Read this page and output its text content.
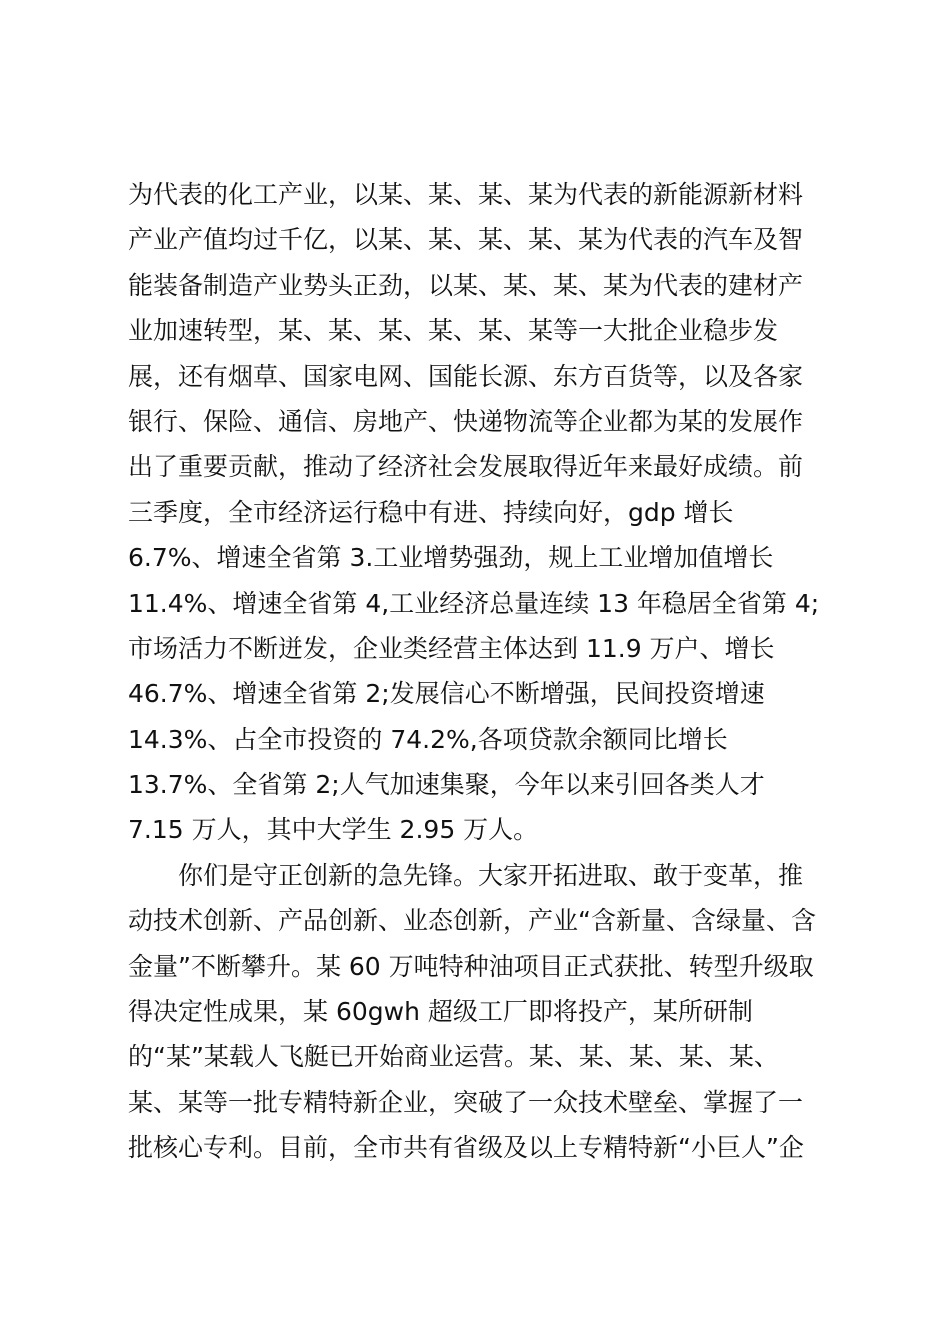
为代表的化工产业，以某、某、某、某为代表的新能源新材料
产业产值均过千亿，以某、某、某、某、某为代表的汽车及智
能装备制造产业势头正劲，以某、某、某、某为代表的建材产
业加速转型，某、某、某、某、某、某等一大批企业稳步发
展，还有烟草、国家电网、国能长源、东方百货等，以及各家
银行、保险、通信、房地产、快递物流等企业都为某的发展作
出了重要贡献，推动了经济社会发展取得近年来最好成绩。前
三季度，全市经济运行稳中有进、持续向好，gdp 增长
6.7%、增速全省第 3.工业增势强劲，规上工业增加值增长
11.4%、增速全省第 4,工业经济总量连续 13 年稳居全省第 4;
市场活力不断迸发，企业类经营主体达到 11.9 万户、增长
46.7%、增速全省第 2;发展信心不断增强，民间投资增速
14.3%、占全市投资的 74.2%,各项贷款余额同比增长
13.7%、全省第 2;人气加速集聚，今年以来引回各类人才
7.15 万人，其中大学生 2.95 万人。
你们是守正创新的急先锋。大家开拓进取、敢于变革，推
动技术创新、产品创新、业态创新，产业“含新量、含绿量、含
金量”不断攀升。某 60 万吨特种油项目正式获批、转型升级取
得决定性成果，某 60gwh 超级工厂即将投产，某所研制
的“某”某载人飞艇已开始商业运营。某、某、某、某、某、
某、某等一批专精特新企业，突破了一众技术壁垒、掌握了一
批核心专利。目前，全市共有省级及以上专精特新“小巨人”企
